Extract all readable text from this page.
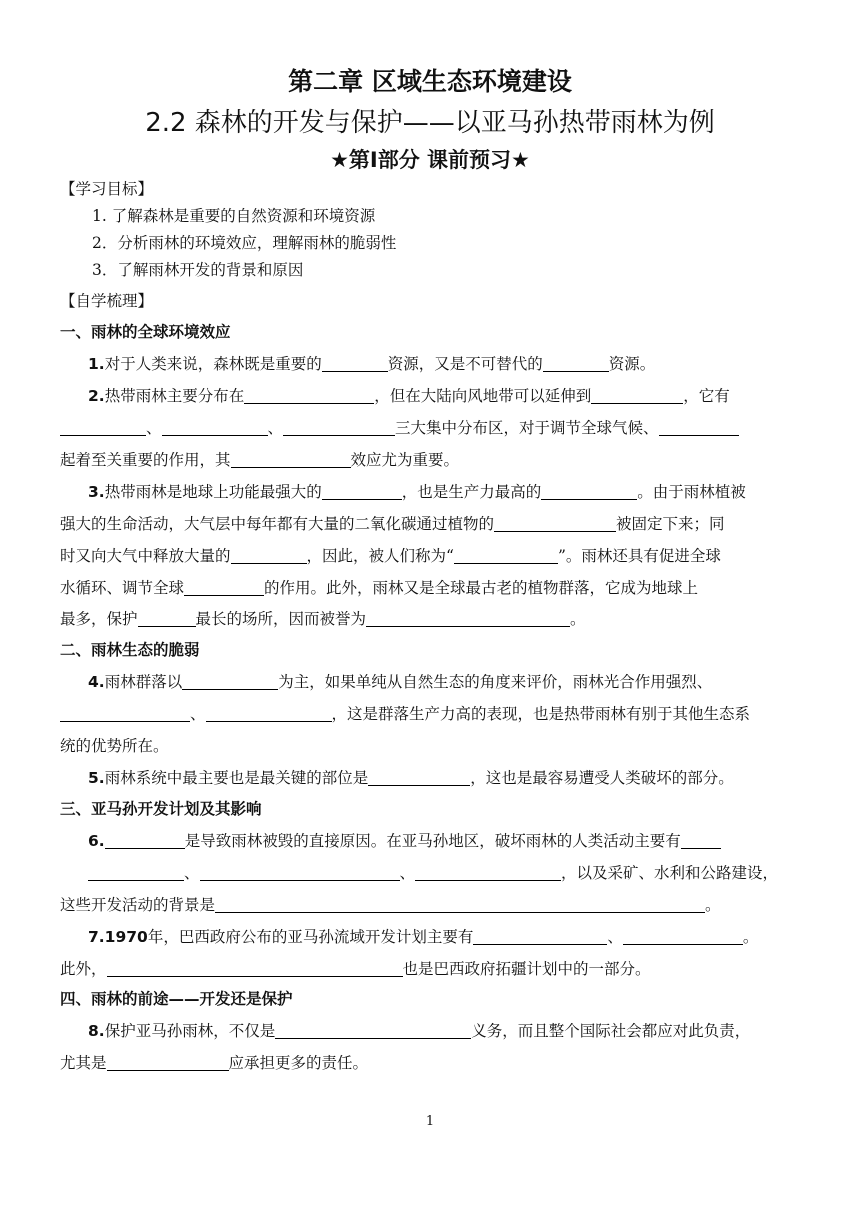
第二章 区域生态环境建设
2.2 森林的开发与保护——以亚马孙热带雨林为例
★第Ⅰ部分 课前预习★
【学习目标】
1. 了解森林是重要的自然资源和环境资源
2．分析雨林的环境效应，理解雨林的脆弱性
3．了解雨林开发的背景和原因
【自学梳理】
一、雨林的全球环境效应
1.对于人类来说，森林既是重要的	资源，又是不可替代的	资源。
2.热带雨林主要分布在	，但在大陆向风地带可以延伸到	，它有
、	、	三大集中分布区，对于调节全球气候、
起着至关重要的作用，其	效应尤为重要。
3.热带雨林是地球上功能最强大的	，也是生产力最高的	。由于雨林植被
强大的生命活动，大气层中每年都有大量的二氧化碳通过植物的	被固定下来；同
时又向大气中释放大量的	，因此，被人们称为“	”。雨林还具有促进全球
水循环、调节全球	的作用。此外，雨林又是全球最古老的植物群落，它成为地球上
最多，保护	最长的场所，因而被誉为	。
二、雨林生态的脆弱
4.雨林群落以	为主，如果单纯从自然生态的角度来评价，雨林光合作用强烈、
、	，这是群落生产力高的表现，也是热带雨林有别于其他生态系
统的优势所在。
5.雨林系统中最主要也是最关键的部位是	，这也是最容易遭受人类破坏的部分。
三、亚马孙开发计划及其影响
6.	是导致雨林被毁的直接原因。在亚马孙地区，破坏雨林的人类活动主要有
、	、	，以及采矿、水利和公路建设，
这些开发活动的背景是	。
7.1970年，巴西政府公布的亚马孙流域开发计划主要有	、	。
此外，	也是巴西政府拓疆计划中的一部分。
四、雨林的前途——开发还是保护
8.保护亚马孙雨林，不仅是	义务，而且整个国际社会都应对此负责，
尤其是	应承担更多的责任。
1
